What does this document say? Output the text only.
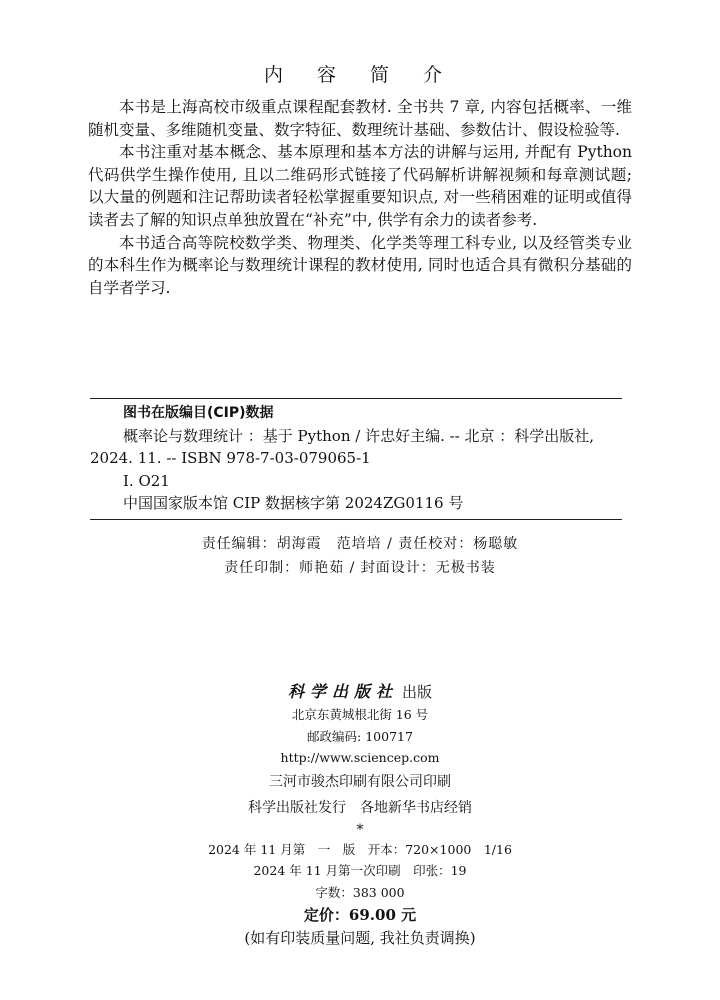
内 容 简 介

本书是上海高校市级重点课程配套教材. 全书共 7 章, 内容包括概率、一维随机变量、多维随机变量、数字特征、数理统计基础、参数估计、假设检验等.

本书注重对基本概念、基本原理和基本方法的讲解与运用, 并配有 Python 代码供学生操作使用, 且以二维码形式链接了代码解析讲解视频和每章测试题; 以大量的例题和注记帮助读者轻松掌握重要知识点, 对一些稍困难的证明或值得读者去了解的知识点单独放置在“补充”中, 供学有余力的读者参考.

本书适合高等院校数学类、物理类、化学类等理工科专业, 以及经管类专业的本科生作为概率论与数理统计课程的教材使用, 同时也适合具有微积分基础的自学者学习.

图书在版编目(CIP)数据

概率论与数理统计 ：基于 Python / 许忠好主编. -- 北京 ：科学出版社, 2024. 11. -- ISBN 978-7-03-079065-1

Ⅰ. O21

中国国家版本馆 CIP 数据核字第 2024ZG0116 号

责任编辑：胡海霞　范培培 / 责任校对：杨聪敏
责任印制：师艳茹 / 封面设计：无极书装
科学出版社 出版
北京东黄城根北街 16 号
邮政编码: 100717
http://www.sciencep.com
三河市骏杰印刷有限公司印刷
科学出版社发行　各地新华书店经销
*
2024 年 11 月第　一　版　开本：720×1000　1/16
2024 年 11 月第一次印刷　印张：19
字数：383 000
定价：69.00 元
(如有印装质量问题, 我社负责调换)
